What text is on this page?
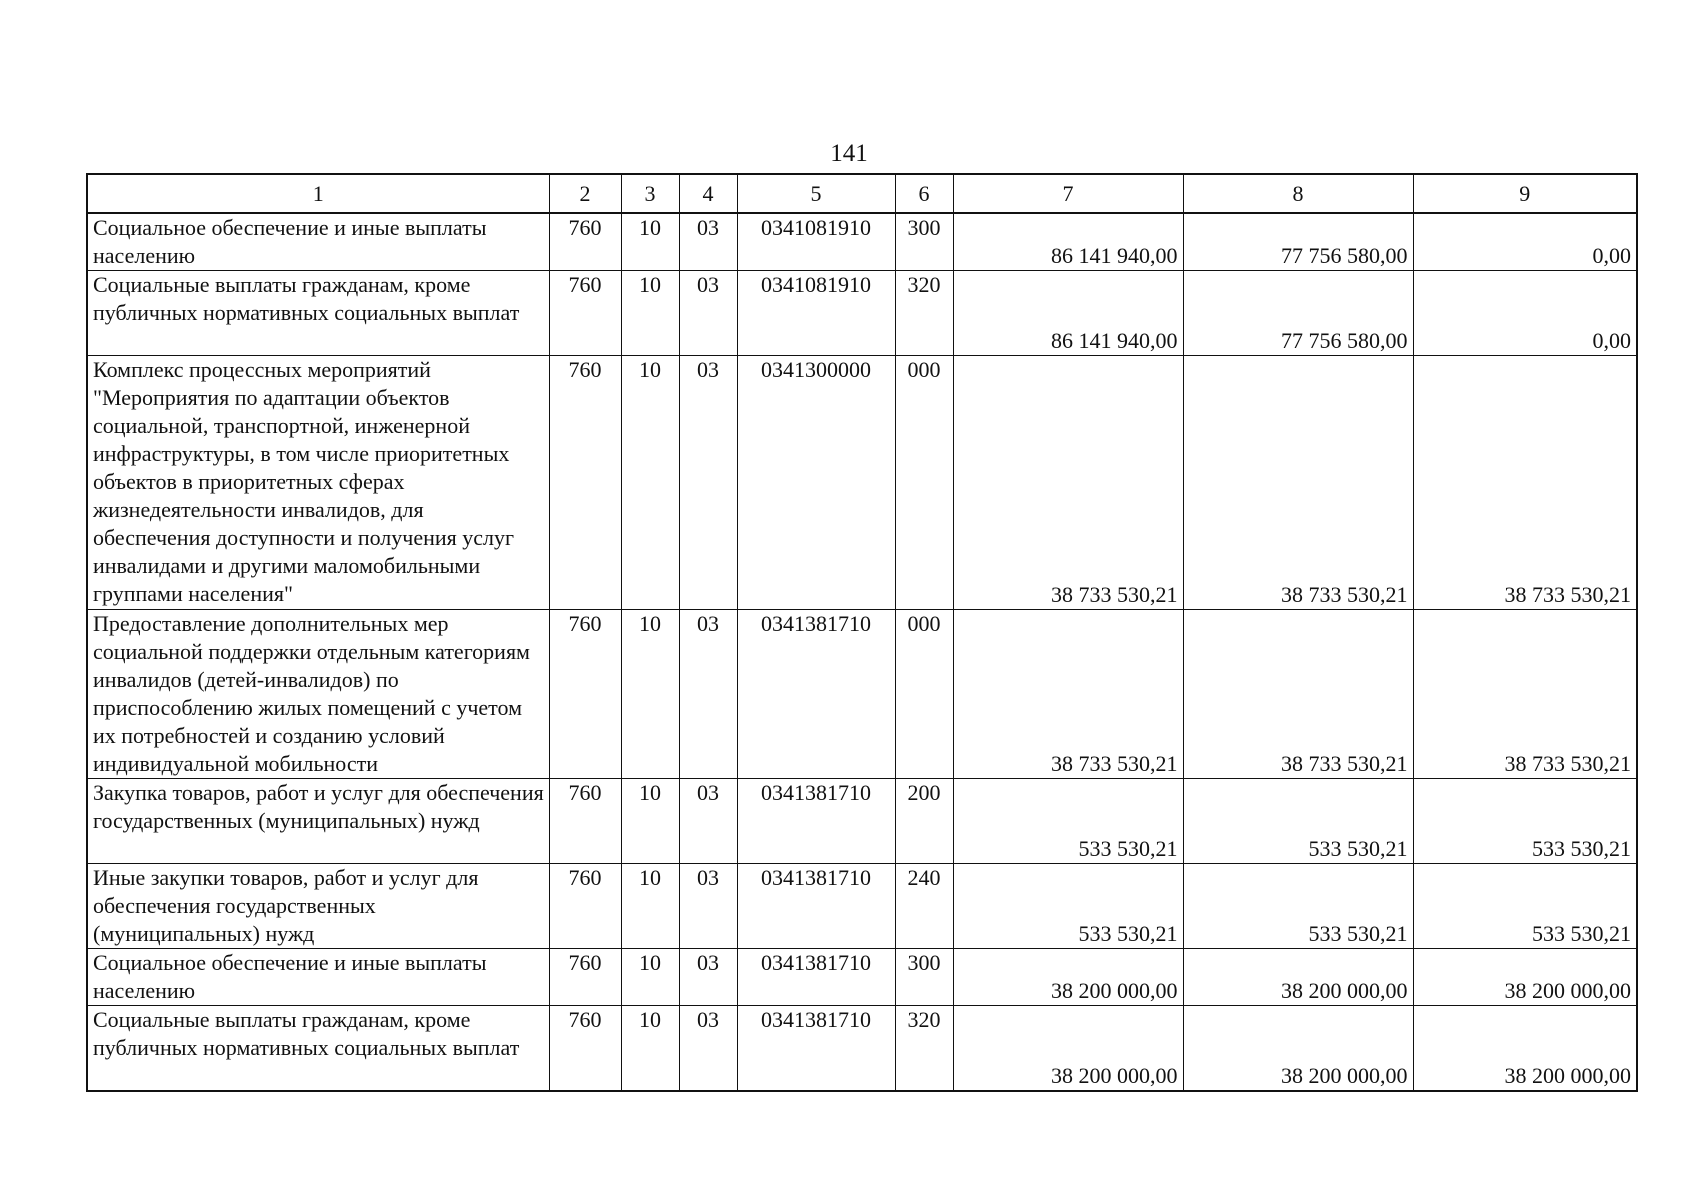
141
1	2	3	4	5	6	7	8	9
Социальное обеспечение и иные выплаты населению	760	10	03	0341081910	300	86 141 940,00	77 756 580,00	0,00
Социальные выплаты гражданам, кроме публичных нормативных социальных выплат	760	10	03	0341081910	320	86 141 940,00	77 756 580,00	0,00
Комплекс процессных мероприятий "Мероприятия по адаптации объектов социальной, транспортной, инженерной инфраструктуры, в том числе приоритетных объектов в приоритетных сферах жизнедеятельности инвалидов, для обеспечения доступности и получения услуг инвалидами и другими маломобильными группами населения"	760	10	03	0341300000	000	38 733 530,21	38 733 530,21	38 733 530,21
Предоставление дополнительных мер социальной поддержки отдельным категориям инвалидов (детей-инвалидов) по приспособлению жилых помещений с учетом их потребностей и созданию условий индивидуальной мобильности	760	10	03	0341381710	000	38 733 530,21	38 733 530,21	38 733 530,21
Закупка товаров, работ и услуг для обеспечения государственных (муниципальных) нужд	760	10	03	0341381710	200	533 530,21	533 530,21	533 530,21
Иные закупки товаров, работ и услуг для обеспечения государственных (муниципальных) нужд	760	10	03	0341381710	240	533 530,21	533 530,21	533 530,21
Социальное обеспечение и иные выплаты населению	760	10	03	0341381710	300	38 200 000,00	38 200 000,00	38 200 000,00
Социальные выплаты гражданам, кроме публичных нормативных социальных выплат	760	10	03	0341381710	320	38 200 000,00	38 200 000,00	38 200 000,00
